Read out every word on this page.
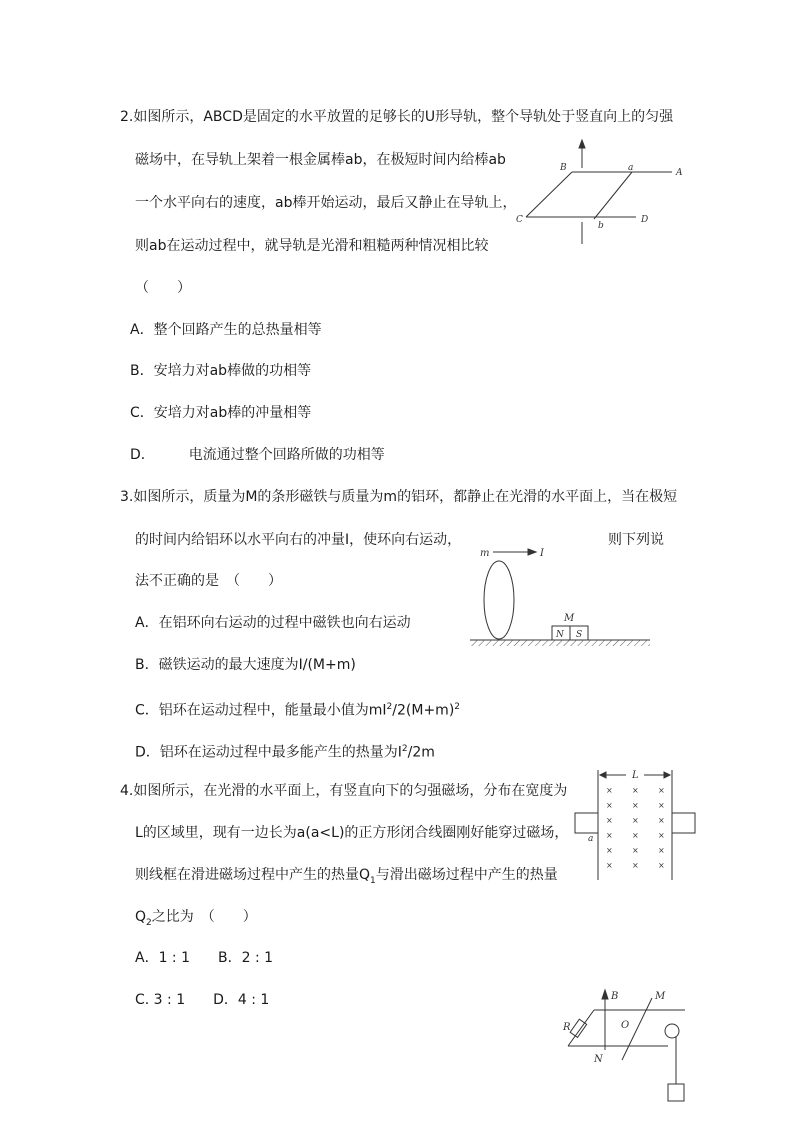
2.如图所示，ABCD是固定的水平放置的足够长的U形导轨，整个导轨处于竖直向上的匀强
磁场中，在导轨上架着一根金属棒ab，在极短时间内给棒ab
一个水平向右的速度，ab棒开始运动，最后又静止在导轨上，
则ab在运动过程中，就导轨是光滑和粗糙两种情况相比较
（　　）
A．整个回路产生的总热量相等
B．安培力对ab棒做的功相等
C．安培力对ab棒的冲量相等
D． 电流通过整个回路所做的功相等
B	a	A
C
b
D
3.如图所示，质量为M的条形磁铁与质量为m的铝环，都静止在光滑的水平面上，当在极短
的时间内给铝环以水平向右的冲量I，使环向右运动，	则下列说
法不正确的是　（　　）
A．在铝环向右运动的过程中磁铁也向右运动
B．磁铁运动的最大速度为I/(M+m)
C．铝环在运动过程中，能量最小值为$mI^2/2(M+m)^2$
D．铝环在运动过程中最多能产生的热量为$I^2/2m$
m	I
M
N S
4.如图所示，在光滑的水平面上，有竖直向下的匀强磁场，分布在宽度为
L的区域里，现有一边长为a(a<L)的正方形闭合线圈刚好能穿过磁场，
则线框在滑进磁场过程中产生的热量$Q_1$与滑出磁场过程中产生的热量
$Q_2$之比为　（　　）
A．1 : 1　　B．2 : 1
C. 3 : 1　　D．4 : 1
L
a
× × ×
× × ×
× × ×
× × ×
× × ×
× × ×
B	M
R	O
N
